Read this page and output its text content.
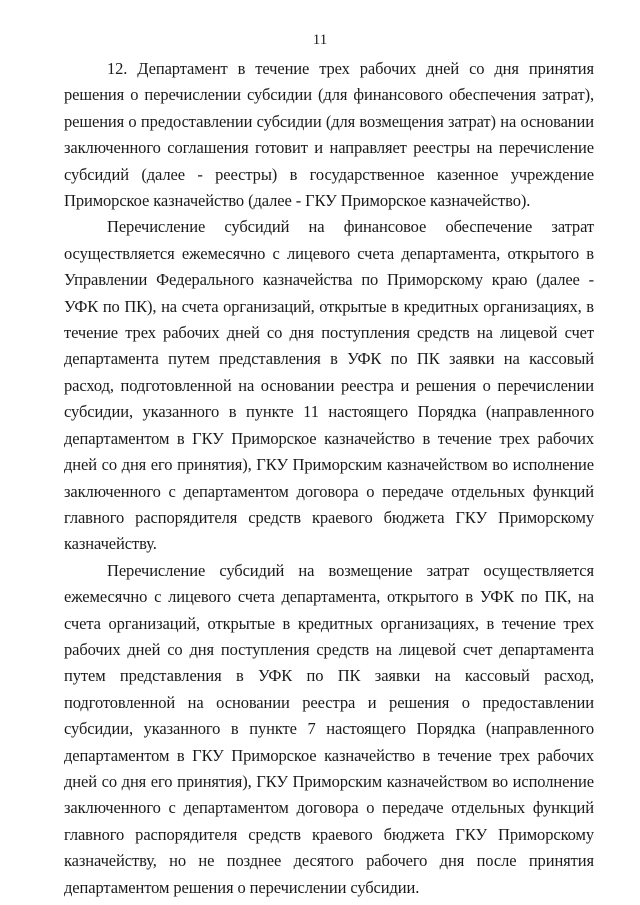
11

12. Департамент в течение трех рабочих дней со дня принятия решения о перечислении субсидии (для финансового обеспечения затрат), решения о предоставлении субсидии (для возмещения затрат) на основании заключенного соглашения готовит и направляет реестры на перечисление субсидий (далее - реестры) в государственное казенное учреждение Приморское казначейство (далее - ГКУ Приморское казначейство).

Перечисление субсидий на финансовое обеспечение затрат осуществляется ежемесячно с лицевого счета департамента, открытого в Управлении Федерального казначейства по Приморскому краю (далее - УФК по ПК), на счета организаций, открытые в кредитных организациях, в течение трех рабочих дней со дня поступления средств на лицевой счет департамента путем представления в УФК по ПК заявки на кассовый расход, подготовленной на основании реестра и решения о перечислении субсидии, указанного в пункте 11 настоящего Порядка (направленного департаментом в ГКУ Приморское казначейство в течение трех рабочих дней со дня его принятия), ГКУ Приморским казначейством во исполнение заключенного с департаментом договора о передаче отдельных функций главного распорядителя средств краевого бюджета ГКУ Приморскому казначейству.

Перечисление субсидий на возмещение затрат осуществляется ежемесячно с лицевого счета департамента, открытого в УФК по ПК, на счета организаций, открытые в кредитных организациях, в течение трех рабочих дней со дня поступления средств на лицевой счет департамента путем представления в УФК по ПК заявки на кассовый расход, подготовленной на основании реестра и решения о предоставлении субсидии, указанного в пункте 7 настоящего Порядка (направленного департаментом в ГКУ Приморское казначейство в течение трех рабочих дней со дня его принятия), ГКУ Приморским казначейством во исполнение заключенного с департаментом договора о передаче отдельных функций главного распорядителя средств краевого бюджета ГКУ Приморскому казначейству, но не позднее десятого рабочего дня после принятия департаментом решения о перечислении субсидии.
